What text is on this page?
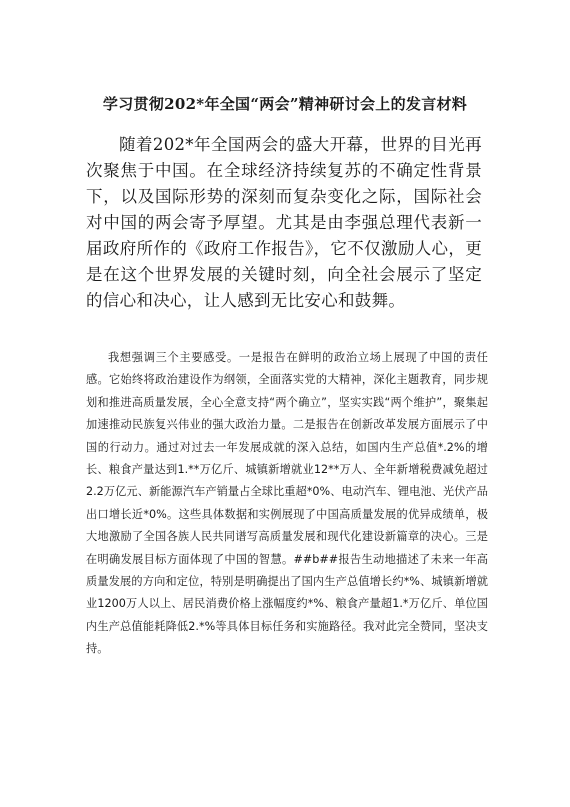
学习贯彻202*年全国“两会”精神研讨会上的发言材料

随着202*年全国两会的盛大开幕，世界的目光再次聚焦于中国。在全球经济持续复苏的不确定性背景下，以及国际形势的深刻而复杂变化之际，国际社会对中国的两会寄予厚望。尤其是由李强总理代表新一届政府所作的《政府工作报告》，它不仅激励人心，更是在这个世界发展的关键时刻，向全社会展示了坚定的信心和决心，让人感到无比安心和鼓舞。

我想强调三个主要感受。一是报告在鲜明的政治立场上展现了中国的责任感。它始终将政治建设作为纲领，全面落实党的大精神，深化主题教育，同步规划和推进高质量发展，全心全意支持“两个确立”，坚实实践“两个维护”，聚集起加速推动民族复兴伟业的强大政治力量。二是报告在创新改革发展方面展示了中国的行动力。通过对过去一年发展成就的深入总结，如国内生产总值*.2%的增长、粮食产量达到1.**万亿斤、城镇新增就业12**万人、全年新增税费减免超过2.2万亿元、新能源汽车产销量占全球比重超*0%、电动汽车、锂电池、光伏产品出口增长近*0%。这些具体数据和实例展现了中国高质量发展的优异成绩单，极大地激励了全国各族人民共同谱写高质量发展和现代化建设新篇章的决心。三是在明确发展目标方面体现了中国的智慧。##b##报告生动地描述了未来一年高质量发展的方向和定位，特别是明确提出了国内生产总值增长约*%、城镇新增就业1200万人以上、居民消费价格上涨幅度约*%、粮食产量超1.*万亿斤、单位国内生产总值能耗降低2.*%等具体目标任务和实施路径。我对此完全赞同，坚决支持。
